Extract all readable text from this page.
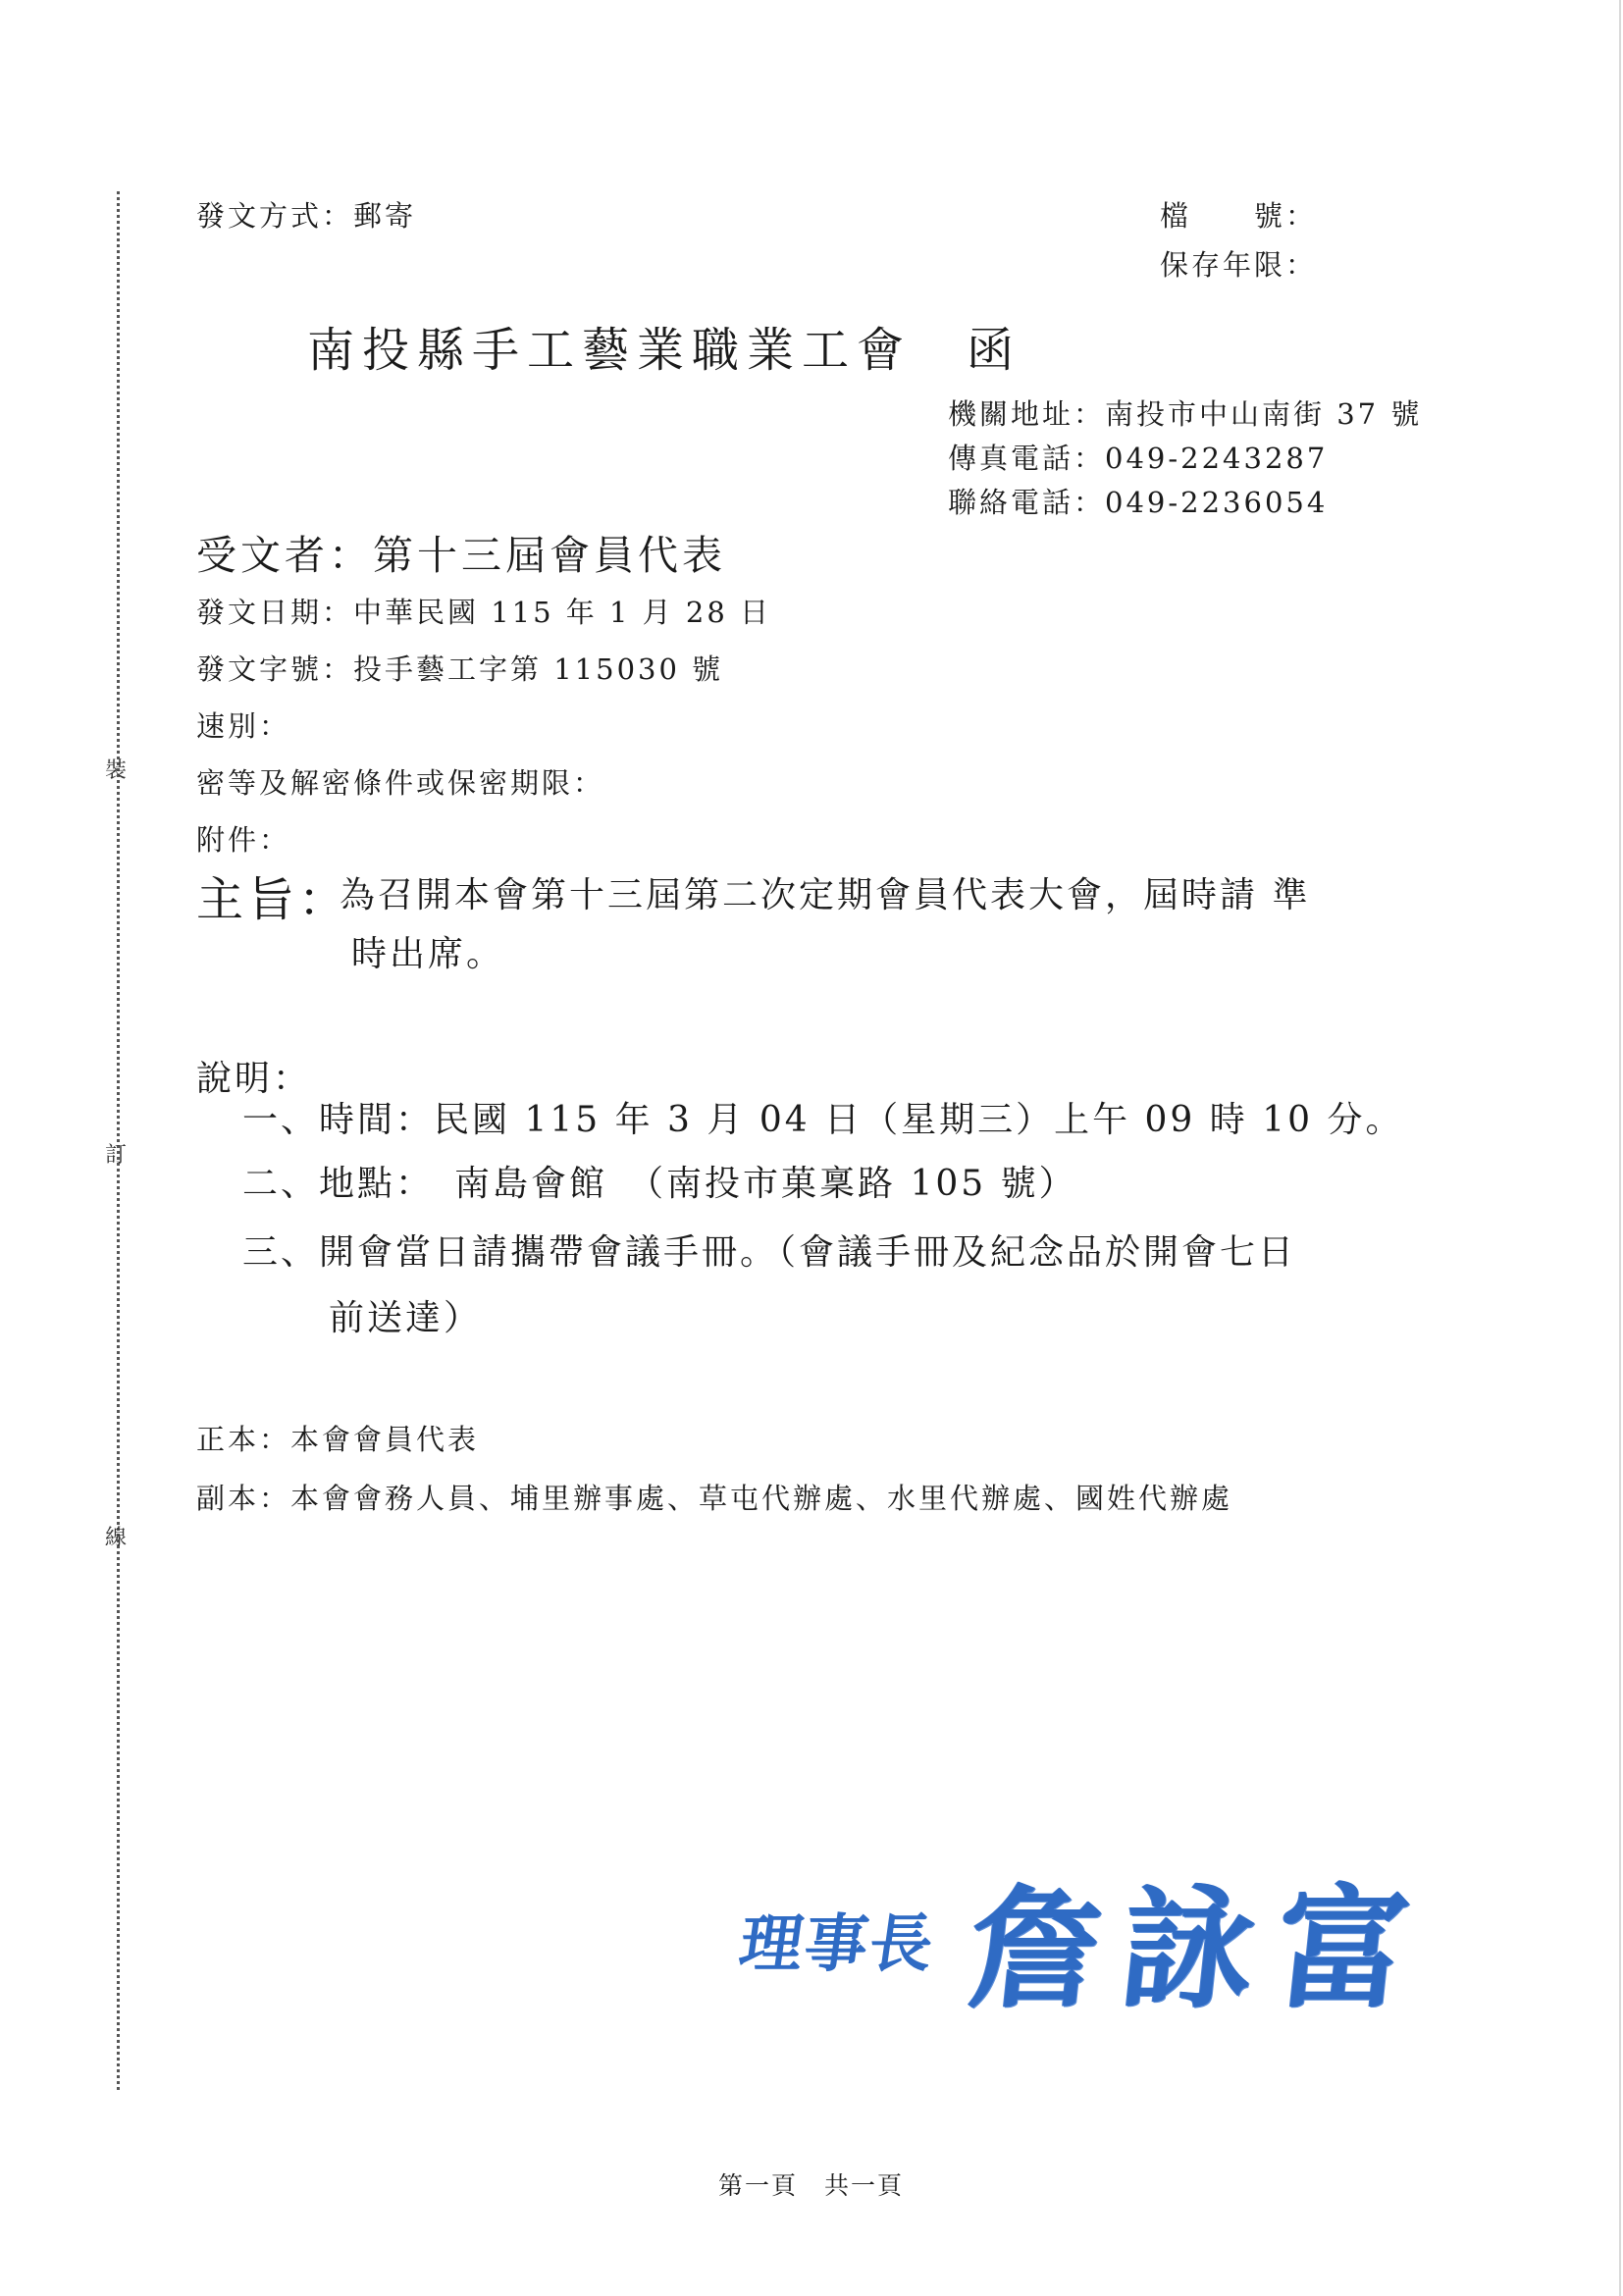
裝
訂
線
發文方式：郵寄	檔　　號：
保存年限：
南投縣手工藝業職業工會　函
機關地址：南投市中山南街 37 號
傳真電話：049-2243287
聯絡電話：049-2236054
受文者：第十三屆會員代表
發文日期：中華民國 115 年 1 月 28 日
發文字號：投手藝工字第 115030 號
速別：
密等及解密條件或保密期限：
附件：
主旨：
為召開本會第十三屆第二次定期會員代表大會，屆時請 準
時出席。
說明：
一、時間：民國 115 年 3 月 04 日（星期三）上午 09 時 10 分。
二、地點：　南島會館　（南投市菓稟路 105 號）
三、開會當日請攜帶會議手冊。（會議手冊及紀念品於開會七日
前送達）
正本：本會會員代表
副本：本會會務人員、埔里辦事處、草屯代辦處、水里代辦處、國姓代辦處
理事長 詹詠富
第一頁　共一頁
